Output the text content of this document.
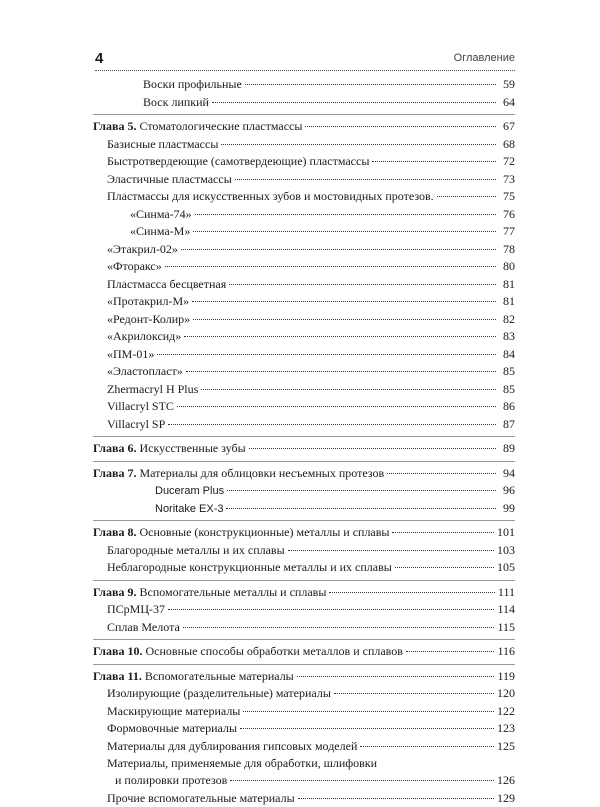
4	Оглавление
Воски профильные	59
Воск липкий	64
Глава 5. Стоматологические пластмассы	67
Базисные пластмассы	68
Быстротвердеющие (самотвердеющие) пластмассы	72
Эластичные пластмассы	73
Пластмассы для искусственных зубов и мостовидных протезов.	75
«Синма-74»	76
«Синма-М»	77
«Этакрил-02»	78
«Фторакс»	80
Пластмасса бесцветная	81
«Протакрил-М»	81
«Редонт-Колир»	82
«Акрилоксид»	83
«ПМ-01»	84
«Эластопласт»	85
Zhermacryl H Plus	85
Villacryl STC	86
Villacryl SP	87
Глава 6. Искусственные зубы	89
Глава 7. Материалы для облицовки несъемных протезов	94
Duceram Plus	96
Noritake EX-3	99
Глава 8. Основные (конструкционные) металлы и сплавы	101
Благородные металлы и их сплавы	103
Неблагородные конструкционные металлы и их сплавы	105
Глава 9. Вспомогательные металлы и сплавы	111
ПСрМЦ-37	114
Сплав Мелота	115
Глава 10. Основные способы обработки металлов и сплавов	116
Глава 11. Вспомогательные материалы	119
Изолирующие (разделительные) материалы	120
Маскирующие материалы	122
Формовочные материалы	123
Материалы для дублирования гипсовых моделей	125
Материалы, применяемые для обработки, шлифовки
и полировки протезов	126
Прочие вспомогательные материалы	129
